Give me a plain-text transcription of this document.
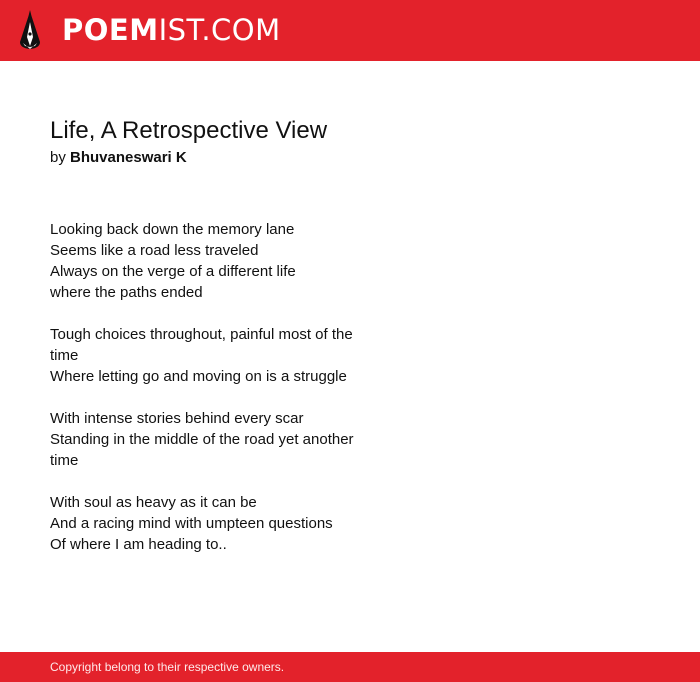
POEMIST.COM
Life, A Retrospective View
by Bhuvaneswari K
Looking back down the memory lane
Seems like a road less traveled
Always on the verge of a different life
where the paths ended
Tough choices throughout, painful most of the time
Where letting go and moving on is a struggle
With intense stories behind every scar
Standing in the middle of the road yet another time
With soul as heavy as it can be
And a racing mind with umpteen questions
Of where I am heading to..
Copyright belong to their respective owners.
